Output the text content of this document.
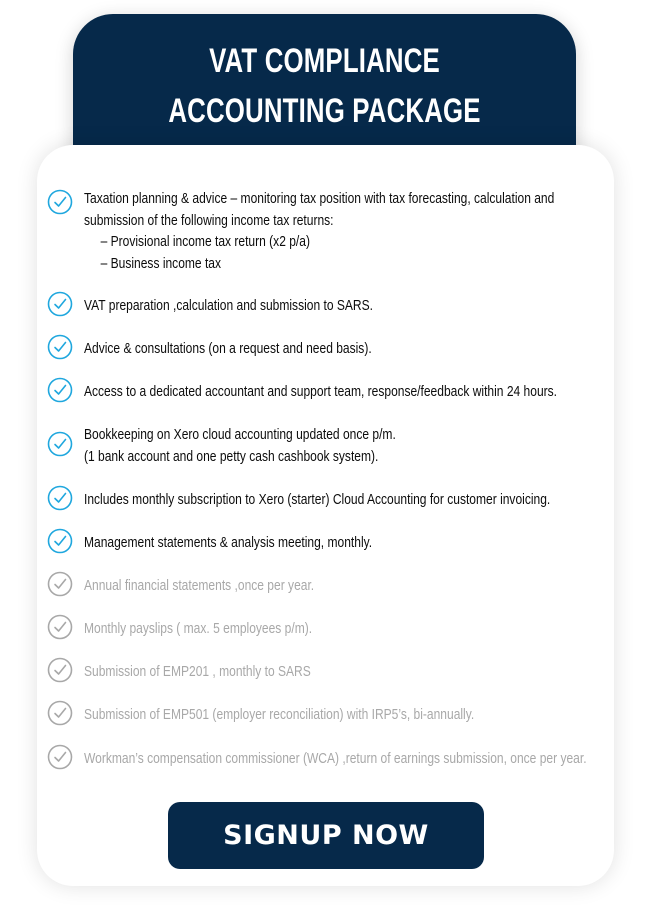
VAT COMPLIANCE
ACCOUNTING PACKAGE
Taxation planning & advice – monitoring tax position with tax forecasting, calculation and
submission of the following income tax returns:
– Provisional income tax return (x2 p/a)
– Business income tax
VAT preparation ,calculation and submission to SARS.
Advice & consultations (on a request and need basis).
Access to a dedicated accountant and support team, response/feedback within 24 hours.
Bookkeeping on Xero cloud accounting updated once p/m.
(1 bank account and one petty cash cashbook system).
Includes monthly subscription to Xero (starter) Cloud Accounting for customer invoicing.
Management statements & analysis meeting, monthly.
Annual financial statements ,once per year.
Monthly payslips ( max. 5 employees p/m).
Submission of EMP201 , monthly to SARS
Submission of EMP501 (employer reconciliation) with IRP5’s, bi-annually.
Workman’s compensation commissioner (WCA) ,return of earnings submission, once per year.
SIGNUP NOW
